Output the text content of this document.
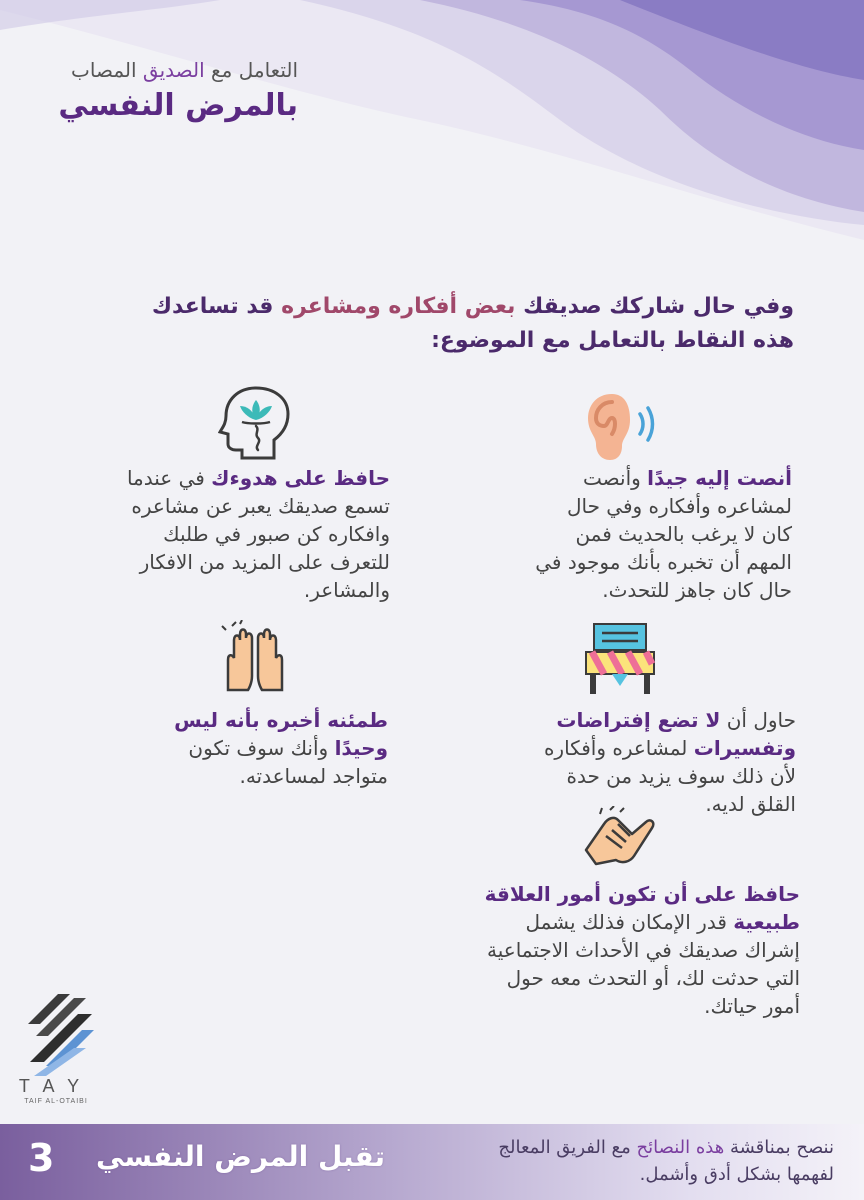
التعامل مع الصديق المصاب
بالمرض النفسي
وفي حال شاركك صديقك بعض أفكاره ومشاعره قد تساعدك
هذه النقاط بالتعامل مع الموضوع:
أنصت إليه جيدًا وأنصت لمشاعره وأفكاره وفي حال كان لا يرغب بالحديث فمن المهم أن تخبره بأنك موجود في حال كان جاهز للتحدث.
حافظ على هدوءك في عندما تسمع صديقك يعبر عن مشاعره وافكاره كن صبور في طلبك للتعرف على المزيد من الافكار والمشاعر.
حاول أن لا تضع إفتراضات وتفسيرات لمشاعره وأفكاره لأن ذلك سوف يزيد من حدة القلق لديه.
طمئنه أخبره بأنه ليس وحيدًا وأنك سوف تكون متواجد لمساعدته.
حافظ على أن تكون أمور العلاقة طبيعية قدر الإمكان فذلك يشمل إشراك صديقك في الأحداث الاجتماعية التي حدثت لك، أو التحدث معه حول أمور حياتك.
TAY
TAIF AL-OTAIBI
3 تقبل المرض النفسي	ننصح بمناقشة هذه النصائح مع الفريق المعالج لفهمها بشكل أدق وأشمل.
